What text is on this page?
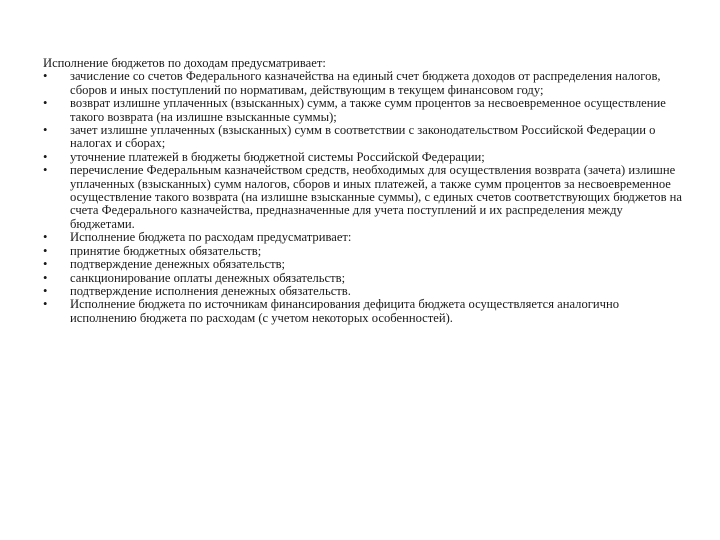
Исполнение бюджетов по доходам предусматривает:

•	зачисление со счетов Федерального казначейства на единый счет бюджета доходов от распределения налогов, сборов и иных поступлений по нормативам, действующим в текущем финансовом году;
•	возврат излишне уплаченных (взысканных) сумм, а также сумм процентов за несвоевременное осуществление такого возврата (на излишне взысканные суммы);
•	зачет излишне уплаченных (взысканных) сумм в соответствии с законодательством Российской Федерации о налогах и сборах;
•	уточнение платежей в бюджеты бюджетной системы Российской Федерации;
•	перечисление Федеральным казначейством средств, необходимых для осуществления возврата (зачета) излишне уплаченных (взысканных) сумм налогов, сборов и иных платежей, а также сумм процентов за несвоевременное осуществление такого возврата (на излишне взысканные суммы), с единых счетов соответствующих бюджетов на счета Федерального казначейства, предназначенные для учета поступлений и их распределения между бюджетами.
•	Исполнение бюджета по расходам предусматривает:
•	принятие бюджетных обязательств;
•	подтверждение денежных обязательств;
•	санкционирование оплаты денежных обязательств;
•	подтверждение исполнения денежных обязательств.
•	Исполнение бюджета по источникам финансирования дефицита бюджета осуществляется аналогично исполнению бюджета по расходам (с учетом некоторых особенностей).
